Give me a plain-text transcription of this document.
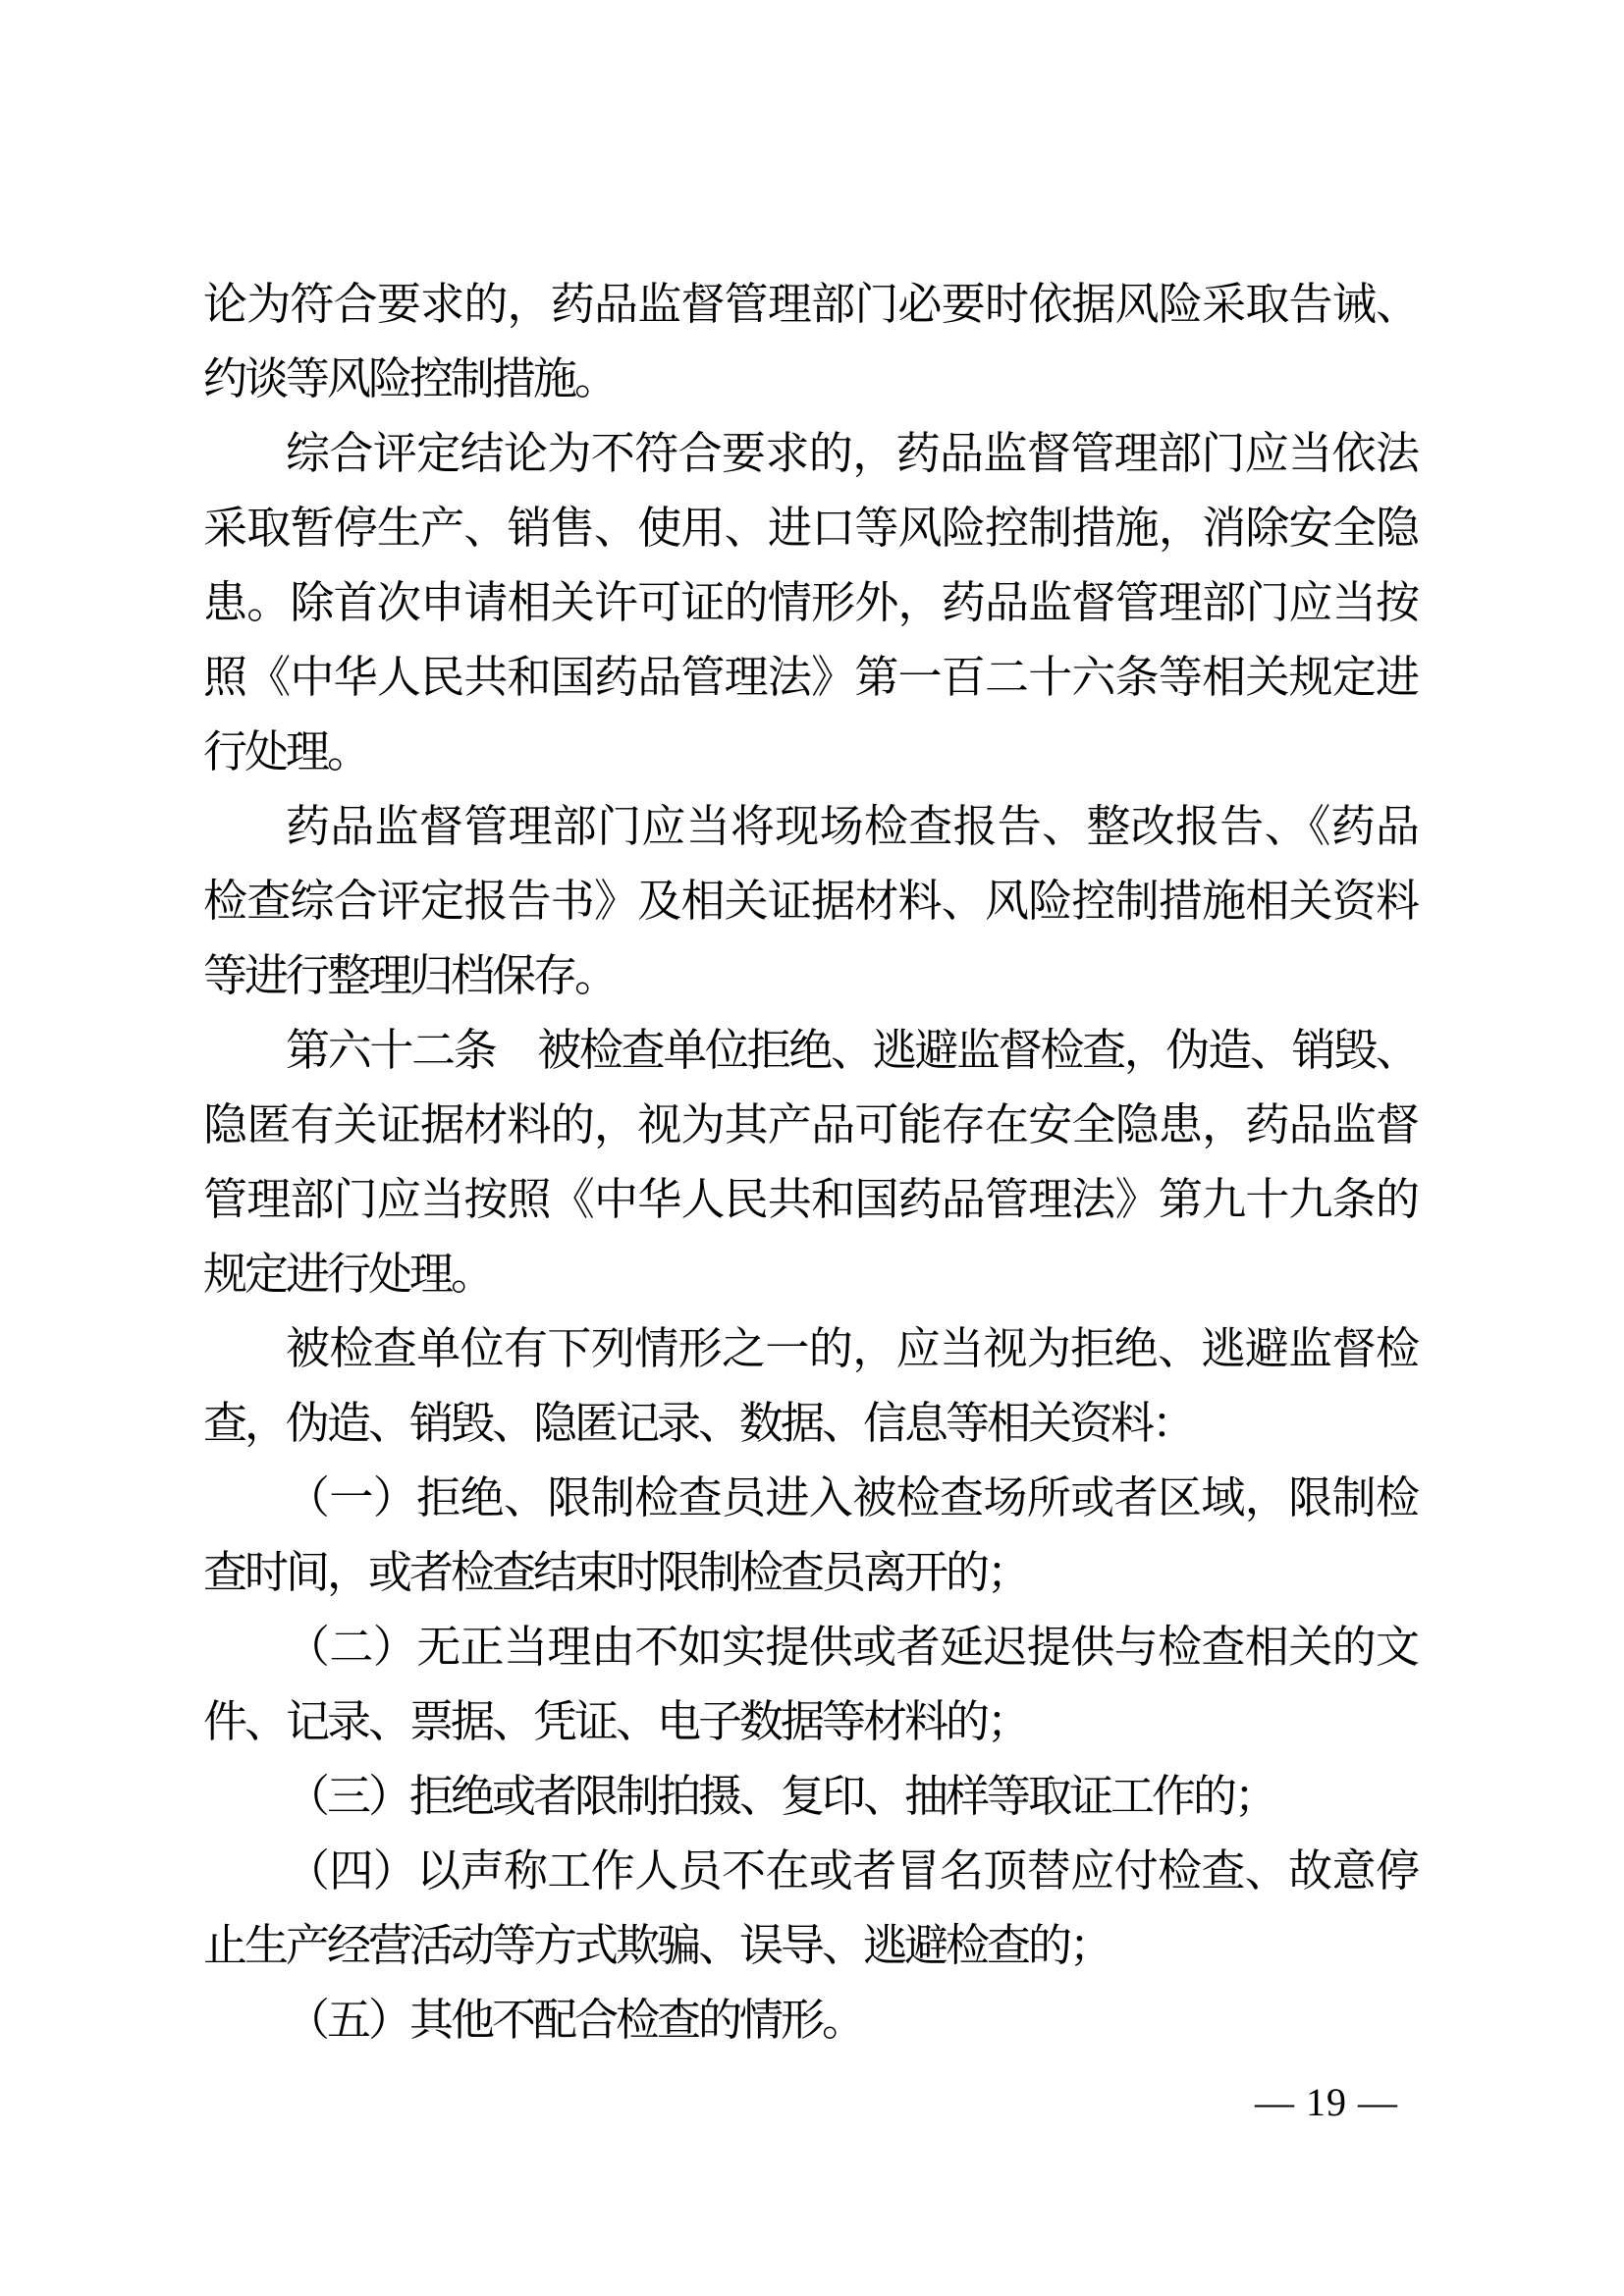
论为符合要求的，药品监督管理部门必要时依据风险采取告诫、

约谈等风险控制措施。

综合评定结论为不符合要求的，药品监督管理部门应当依法

采取暂停生产、销售、使用、进口等风险控制措施，消除安全隐

患。除首次申请相关许可证的情形外，药品监督管理部门应当按

照《中华人民共和国药品管理法》第一百二十六条等相关规定进

行处理。

药品监督管理部门应当将现场检查报告、整改报告、《药品

检查综合评定报告书》及相关证据材料、风险控制措施相关资料

等进行整理归档保存。

第六十二条　被检查单位拒绝、逃避监督检查，伪造、销毁、

隐匿有关证据材料的，视为其产品可能存在安全隐患，药品监督

管理部门应当按照《中华人民共和国药品管理法》第九十九条的

规定进行处理。

被检查单位有下列情形之一的，应当视为拒绝、逃避监督检

查，伪造、销毁、隐匿记录、数据、信息等相关资料：

（一）拒绝、限制检查员进入被检查场所或者区域，限制检

查时间，或者检查结束时限制检查员离开的；

（二）无正当理由不如实提供或者延迟提供与检查相关的文

件、记录、票据、凭证、电子数据等材料的；

（三）拒绝或者限制拍摄、复印、抽样等取证工作的；

（四）以声称工作人员不在或者冒名顶替应付检查、故意停

止生产经营活动等方式欺骗、误导、逃避检查的；

（五）其他不配合检查的情形。

— 19 —
